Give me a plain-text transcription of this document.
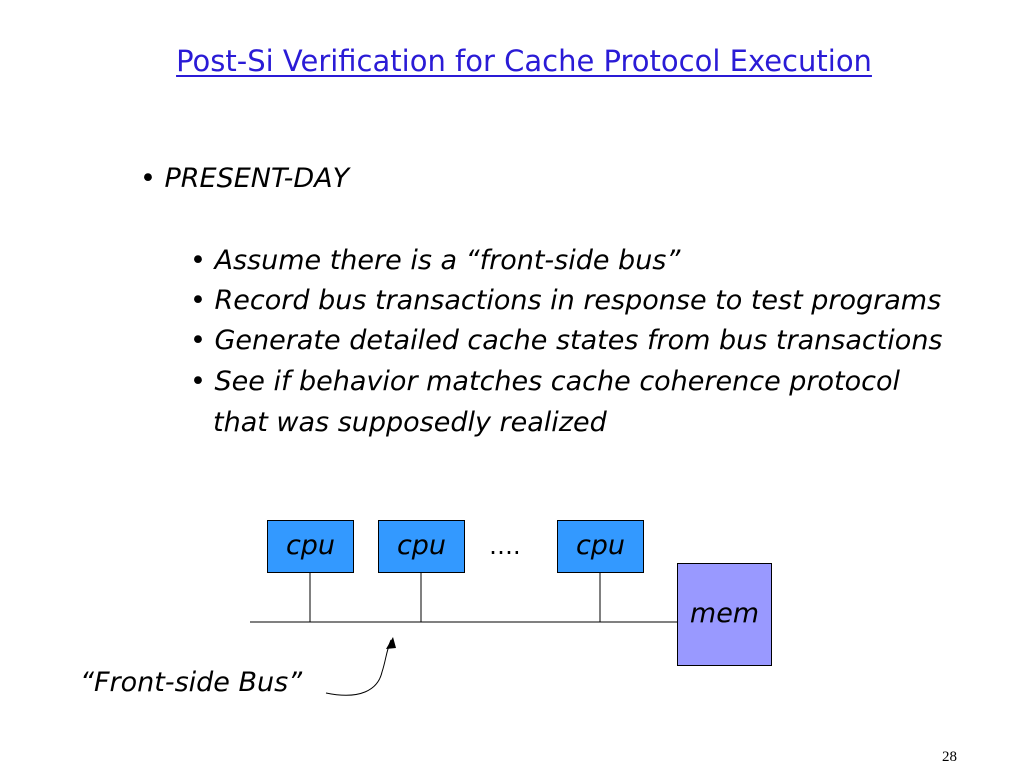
Post-Si Verification for Cache Protocol Execution
• PRESENT-DAY
• Assume there is a “front-side bus”
• Record bus transactions in response to test programs
• Generate detailed cache states from bus transactions
• See if behavior matches cache coherence protocol
that was supposedly realized
cpu	cpu	cpu
….
mem
“Front-side Bus”
28
